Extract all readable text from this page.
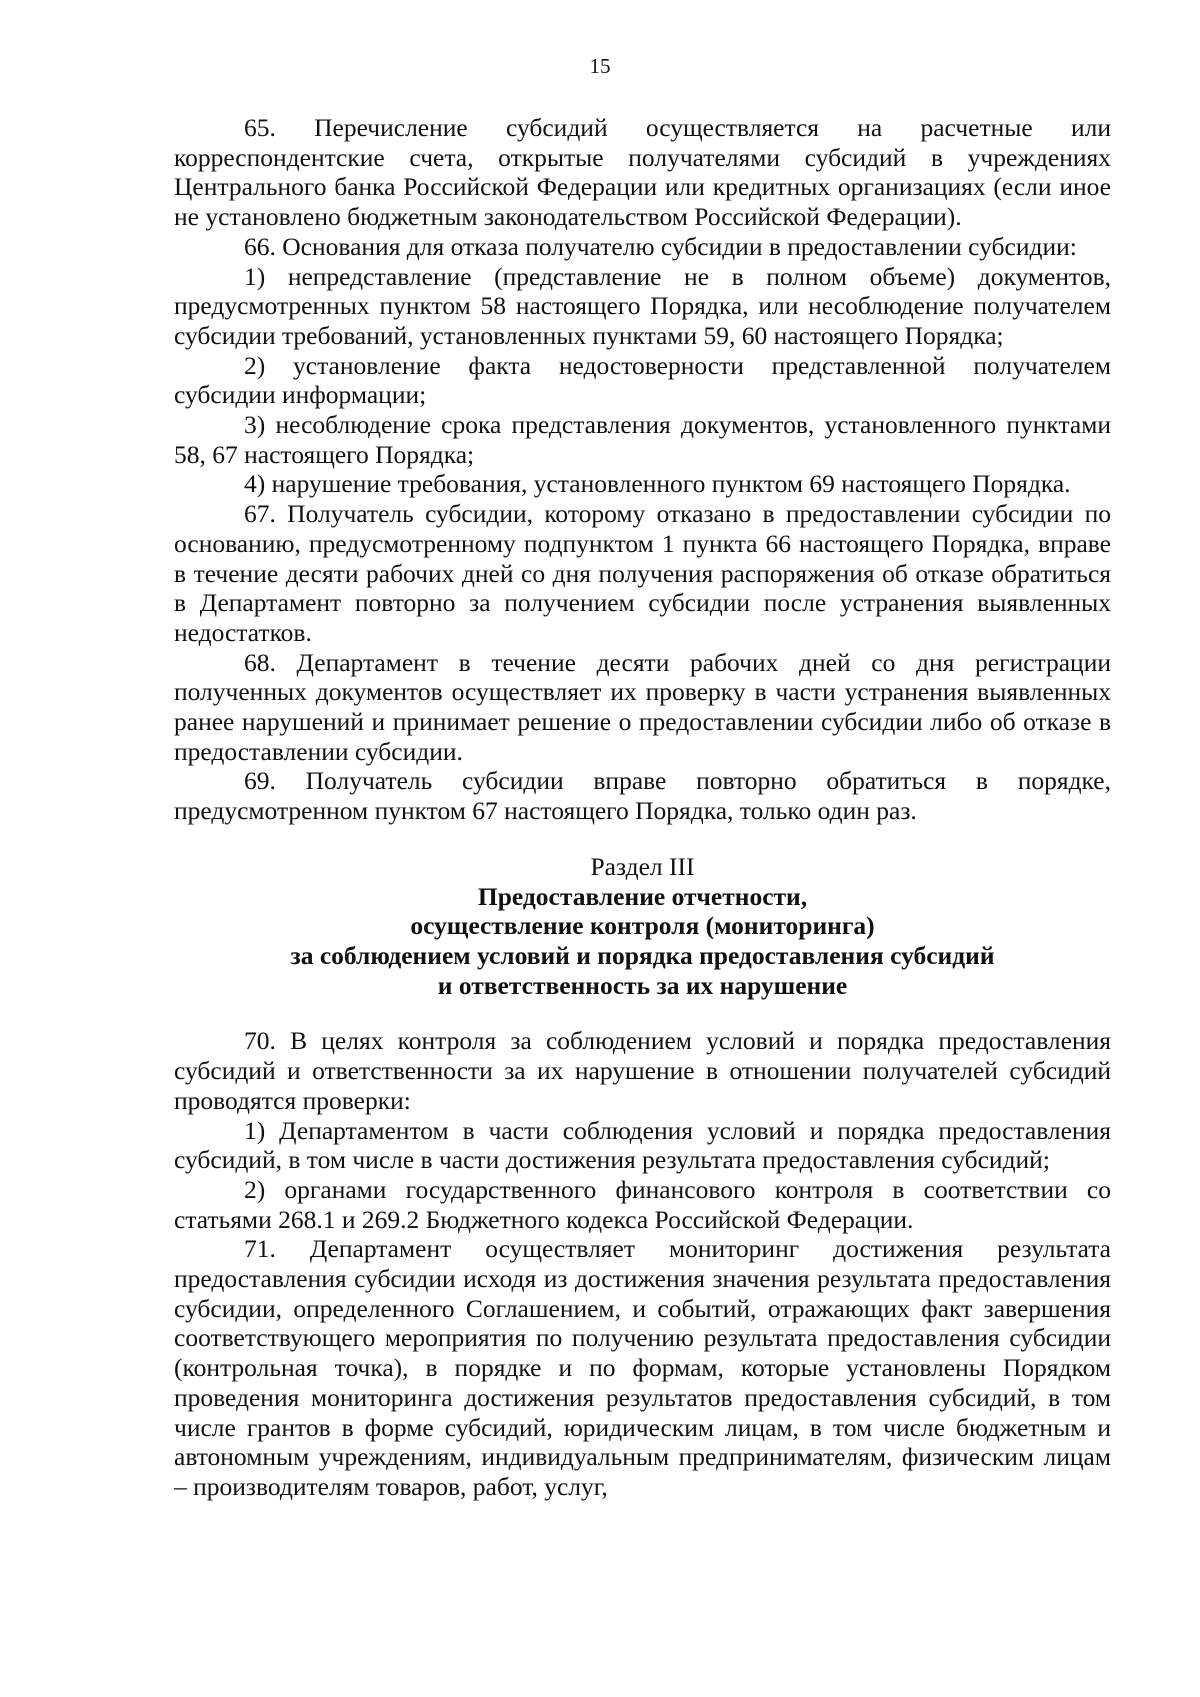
15

65. Перечисление субсидий осуществляется на расчетные или корреспондентские счета, открытые получателями субсидий в учреждениях Центрального банка Российской Федерации или кредитных организациях (если иное не установлено бюджетным законодательством Российской Федерации).

66. Основания для отказа получателю субсидии в предоставлении субсидии:

1) непредставление (представление не в полном объеме) документов, предусмотренных пунктом 58 настоящего Порядка, или несоблюдение получателем субсидии требований, установленных пунктами 59, 60 настоящего Порядка;

2) установление факта недостоверности представленной получателем субсидии информации;

3) несоблюдение срока представления документов, установленного пунктами 58, 67 настоящего Порядка;

4) нарушение требования, установленного пунктом 69 настоящего Порядка.

67. Получатель субсидии, которому отказано в предоставлении субсидии по основанию, предусмотренному подпунктом 1 пункта 66 настоящего Порядка, вправе в течение десяти рабочих дней со дня получения распоряжения об отказе обратиться в Департамент повторно за получением субсидии после устранения выявленных недостатков.

68. Департамент в течение десяти рабочих дней со дня регистрации полученных документов осуществляет их проверку в части устранения выявленных ранее нарушений и принимает решение о предоставлении субсидии либо об отказе в предоставлении субсидии.

69. Получатель субсидии вправе повторно обратиться в порядке, предусмотренном пунктом 67 настоящего Порядка, только один раз.

Раздел III
Предоставление отчетности,
осуществление контроля (мониторинга)
за соблюдением условий и порядка предоставления субсидий
и ответственность за их нарушение

70. В целях контроля за соблюдением условий и порядка предоставления субсидий и ответственности за их нарушение в отношении получателей субсидий проводятся проверки:

1) Департаментом в части соблюдения условий и порядка предоставления субсидий, в том числе в части достижения результата предоставления субсидий;

2) органами государственного финансового контроля в соответствии со статьями 268.1 и 269.2 Бюджетного кодекса Российской Федерации.

71. Департамент осуществляет мониторинг достижения результата предоставления субсидии исходя из достижения значения результата предоставления субсидии, определенного Соглашением, и событий, отражающих факт завершения соответствующего мероприятия по получению результата предоставления субсидии (контрольная точка), в порядке и по формам, которые установлены Порядком проведения мониторинга достижения результатов предоставления субсидий, в том числе грантов в форме субсидий, юридическим лицам, в том числе бюджетным и автономным учреждениям, индивидуальным предпринимателям, физическим лицам – производителям товаров, работ, услуг,
